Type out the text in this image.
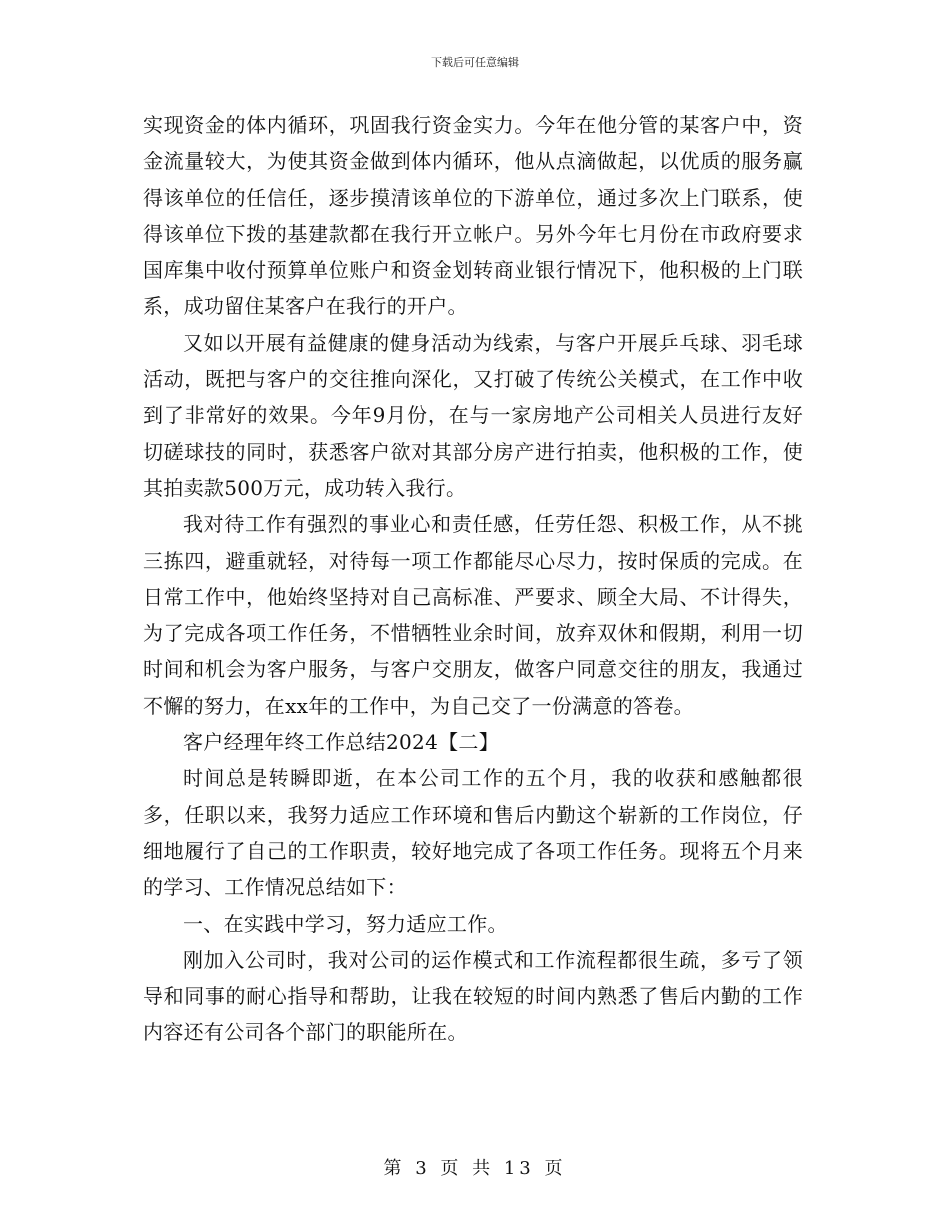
下载后可任意编辑

实现资金的体内循环，巩固我行资金实力。今年在他分管的某客户中，资金流量较大，为使其资金做到体内循环，他从点滴做起，以优质的服务赢得该单位的任信任，逐步摸清该单位的下游单位，通过多次上门联系，使得该单位下拨的基建款都在我行开立帐户。另外今年七月份在市政府要求国库集中收付预算单位账户和资金划转商业银行情况下，他积极的上门联系，成功留住某客户在我行的开户。

又如以开展有益健康的健身活动为线索，与客户开展乒乓球、羽毛球活动，既把与客户的交往推向深化，又打破了传统公关模式，在工作中收到了非常好的效果。今年9月份，在与一家房地产公司相关人员进行友好切磋球技的同时，获悉客户欲对其部分房产进行拍卖，他积极的工作，使其拍卖款500万元，成功转入我行。

我对待工作有强烈的事业心和责任感，任劳任怨、积极工作，从不挑三拣四，避重就轻，对待每一项工作都能尽心尽力，按时保质的完成。在日常工作中，他始终坚持对自己高标准、严要求、顾全大局、不计得失，为了完成各项工作任务，不惜牺牲业余时间，放弃双休和假期，利用一切时间和机会为客户服务，与客户交朋友，做客户同意交往的朋友，我通过不懈的努力，在xx年的工作中，为自己交了一份满意的答卷。

客户经理年终工作总结2024【二】

时间总是转瞬即逝，在本公司工作的五个月，我的收获和感触都很多，任职以来，我努力适应工作环境和售后内勤这个崭新的工作岗位，仔细地履行了自己的工作职责，较好地完成了各项工作任务。现将五个月来的学习、工作情况总结如下：

一、在实践中学习，努力适应工作。

刚加入公司时，我对公司的运作模式和工作流程都很生疏，多亏了领导和同事的耐心指导和帮助，让我在较短的时间内熟悉了售后内勤的工作内容还有公司各个部门的职能所在。

第 3 页 共 13 页
